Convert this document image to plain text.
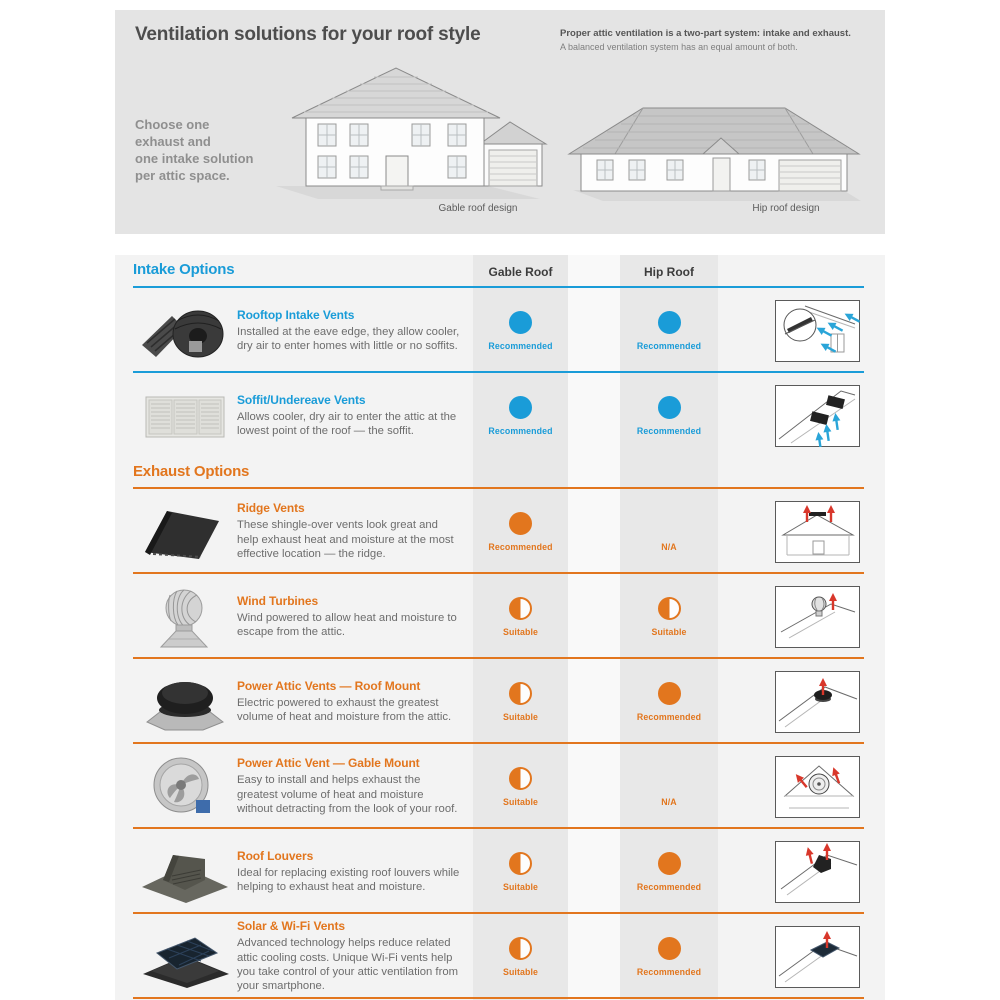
Ventilation solutions for your roof style	Proper attic ventilation is a two-part system: intake and exhaust.
A balanced ventilation system has an equal amount of both.
Choose one
exhaust and
one intake solution
per attic space.
Gable roof design	Hip roof design
Gable Roof	Hip Roof
Intake Options
Rooftop Intake Vents
Installed at the eave edge, they allow cooler, dry air to enter homes with little or no soffits.	Recommended	Recommended
Soffit/Undereave Vents
Allows cooler, dry air to enter the attic at the lowest point of the roof — the soffit.	Recommended	Recommended
Exhaust Options
Ridge Vents
These shingle-over vents look great and help exhaust heat and moisture at the most effective location — the ridge.
Recommended	N/A
Wind Turbines
Wind powered to allow heat and moisture to escape from the attic.	Suitable	Suitable
Power Attic Vents — Roof Mount
Electric powered to exhaust the greatest volume of heat and moisture from the attic.	Suitable	Recommended
Power Attic Vent — Gable Mount
Easy to install and helps exhaust the greatest volume of heat and moisture without detracting from the look of your roof.
Suitable	N/A
Roof Louvers
Ideal for replacing existing roof louvers while helping to exhaust heat and moisture.	Suitable	Recommended
Solar & Wi-Fi Vents
Advanced technology helps reduce related attic cooling costs. Unique Wi-Fi vents help you take control of your attic ventilation from your smartphone.
Suitable	Recommended
